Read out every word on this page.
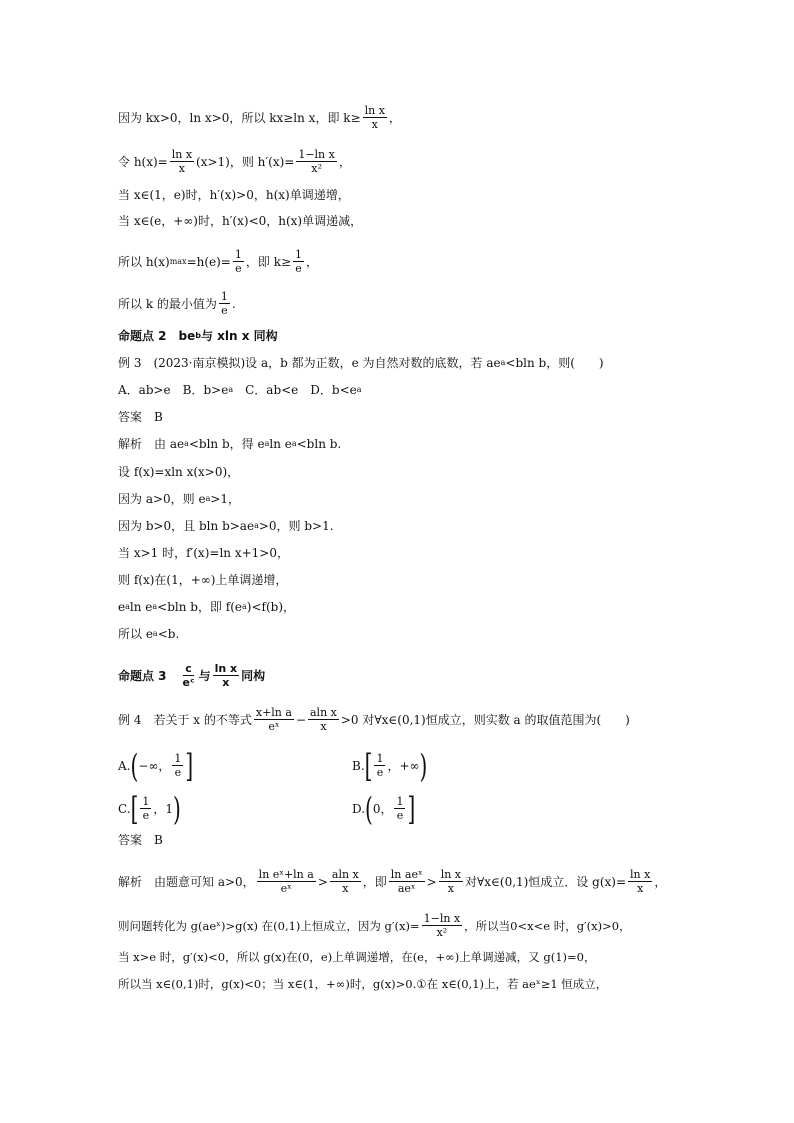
因为 kx>0，ln x>0，所以 kx≥ln x，即 $k\ge \frac{\text{ln x}}{x}$ ，
令 $h(x)= \frac{\text{ln x}}{x} (x>1)$，则 $h'(x)= \frac{\text{1−ln x}}{\text{x²}}$ ，
当 x∈(1，e)时，h′(x)>0，h(x)单调递增，
当 x∈(e，+∞)时，h′(x)<0，h(x)单调递减，
所以 h(x) $\max =h(e)= \frac{1}{e}$ ，即 $k\ge \frac{1}{e}$ ，
所以 k 的最小值为 $\frac{1}{e}$ .
命题点 2　be b 与 xln x 同构
例 3　(2023·南京模拟)设 a，b 都为正数，e 为自然对数的底数，若 ae a <bln b，则(　　)
A．ab>e　B．b>e a 　C．ab<e　D．b<e a
答案　B
解析　由 ae a <bln b，得 e a ln e a <bln b.
设 f(x)=xln x(x>0)，
因为 a>0，则 e a >1，
因为 b>0，且 bln b>ae a >0，则 b>1.
当 x>1 时，f′(x)=ln x+1>0，
则 f(x)在(1，+∞)上单调递增，
e a ln e a <bln b，即 f(e a )<f(b)，
所以 e a <b.
命题点 3　 $\frac{c}{\text{eᶜ}}$ 与 $\frac{\text{ln x}}{x}$ 同构
例 4　若关于 x 的不等式 $\frac{\text{x+ln a}}{\text{eˣ}} - \frac{\text{aln x}}{x} >0$ 对∀x∈(0,1)恒成立，则实数 a 的取值范围为(　　)
A. ( −∞， $\frac{1}{e}$ ]	B. [ $\frac{1}{e}$ ，+∞ )
C. [ $\frac{1}{e}$ ，1 )	D. ( 0， $\frac{1}{e}$ ]
答案　B
解析　由题意可知 a>0， $\frac{\text{ln eˣ+ln a}}{\text{eˣ}} > \frac{\text{aln x}}{x}$ ，即 $\frac{\text{ln aeˣ}}{\text{aeˣ}} > \frac{\text{ln x}}{x}$ 对∀x∈(0,1)恒成立．设 $g(x)= \frac{\text{ln x}}{x}$ ，
则问题转化为 g(aeˣ)>g(x) 在(0,1)上恒成立，因为 $g'(x)= \frac{\text{1−ln x}}{\text{x²}}$ ，所以当0<x<e 时，g′(x)>0，
当 x>e 时，g′(x)<0，所以 g(x)在(0，e)上单调递增，在(e，+∞)上单调递减，又 g(1)=0，
所以当 x∈(0,1)时，g(x)<0；当 x∈(1，+∞)时，g(x)>0.①在 x∈(0,1)上，若 aeˣ≥1 恒成立，
